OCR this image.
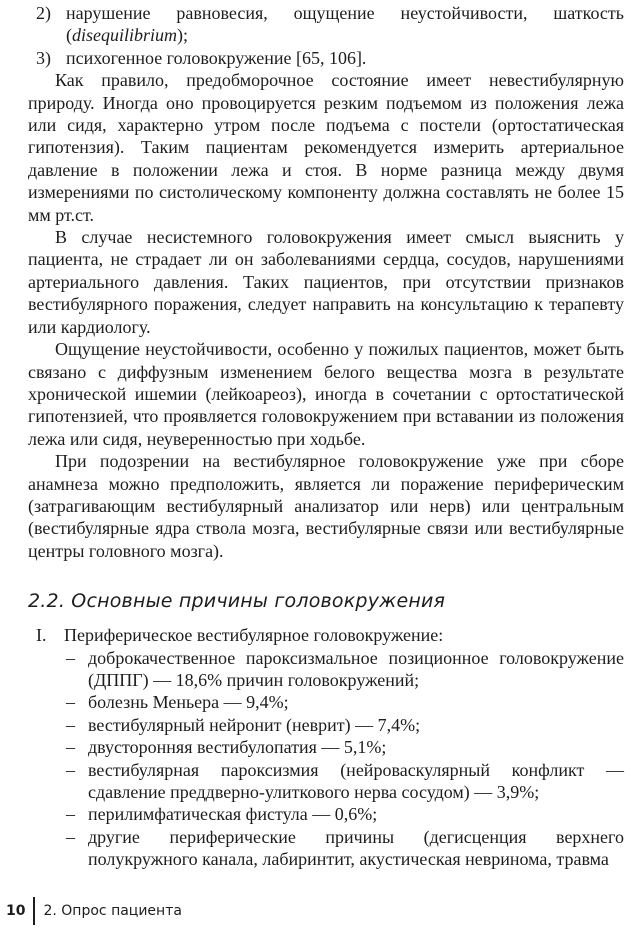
2) нарушение равновесия, ощущение неустойчивости, шаткость (disequilibrium);
3) психогенное головокружение [65, 106].

Как правило, предобморочное состояние имеет невестибулярную природу. Иногда оно провоцируется резким подъемом из положения лежа или сидя, характерно утром после подъема с постели (ортостатическая гипотензия). Таким пациентам рекомендуется измерить артериальное давление в положении лежа и стоя. В норме разница между двумя измерениями по систолическому компоненту должна составлять не более 15 мм рт.ст.

В случае несистемного головокружения имеет смысл выяснить у пациента, не страдает ли он заболеваниями сердца, сосудов, нарушениями артериального давления. Таких пациентов, при отсутствии признаков вестибулярного поражения, следует направить на консультацию к терапевту или кардиологу.

Ощущение неустойчивости, особенно у пожилых пациентов, может быть связано с диффузным изменением белого вещества мозга в результате хронической ишемии (лейкоареоз), иногда в сочетании с ортостатической гипотензией, что проявляется головокружением при вставании из положения лежа или сидя, неуверенностью при ходьбе.

При подозрении на вестибулярное головокружение уже при сборе анамнеза можно предположить, является ли поражение периферическим (затрагивающим вестибулярный анализатор или нерв) или центральным (вестибулярные ядра ствола мозга, вестибулярные связи или вестибулярные центры головного мозга).

2.2. Основные причины головокружения
I. Периферическое вестибулярное головокружение:
– доброкачественное пароксизмальное позиционное головокружение (ДППГ) — 18,6% причин головокружений;
– болезнь Меньера — 9,4%;
– вестибулярный нейронит (неврит) — 7,4%;
– двусторонняя вестибулопатия — 5,1%;
– вестибулярная пароксизмия (нейроваскулярный конфликт — сдавление преддверно-улиткового нерва сосудом) — 3,9%;
– перилимфатическая фистула — 0,6%;
– другие периферические причины (дегисценция верхнего полукружного канала, лабиринтит, акустическая невринома, травма
10 2. Опрос пациента
